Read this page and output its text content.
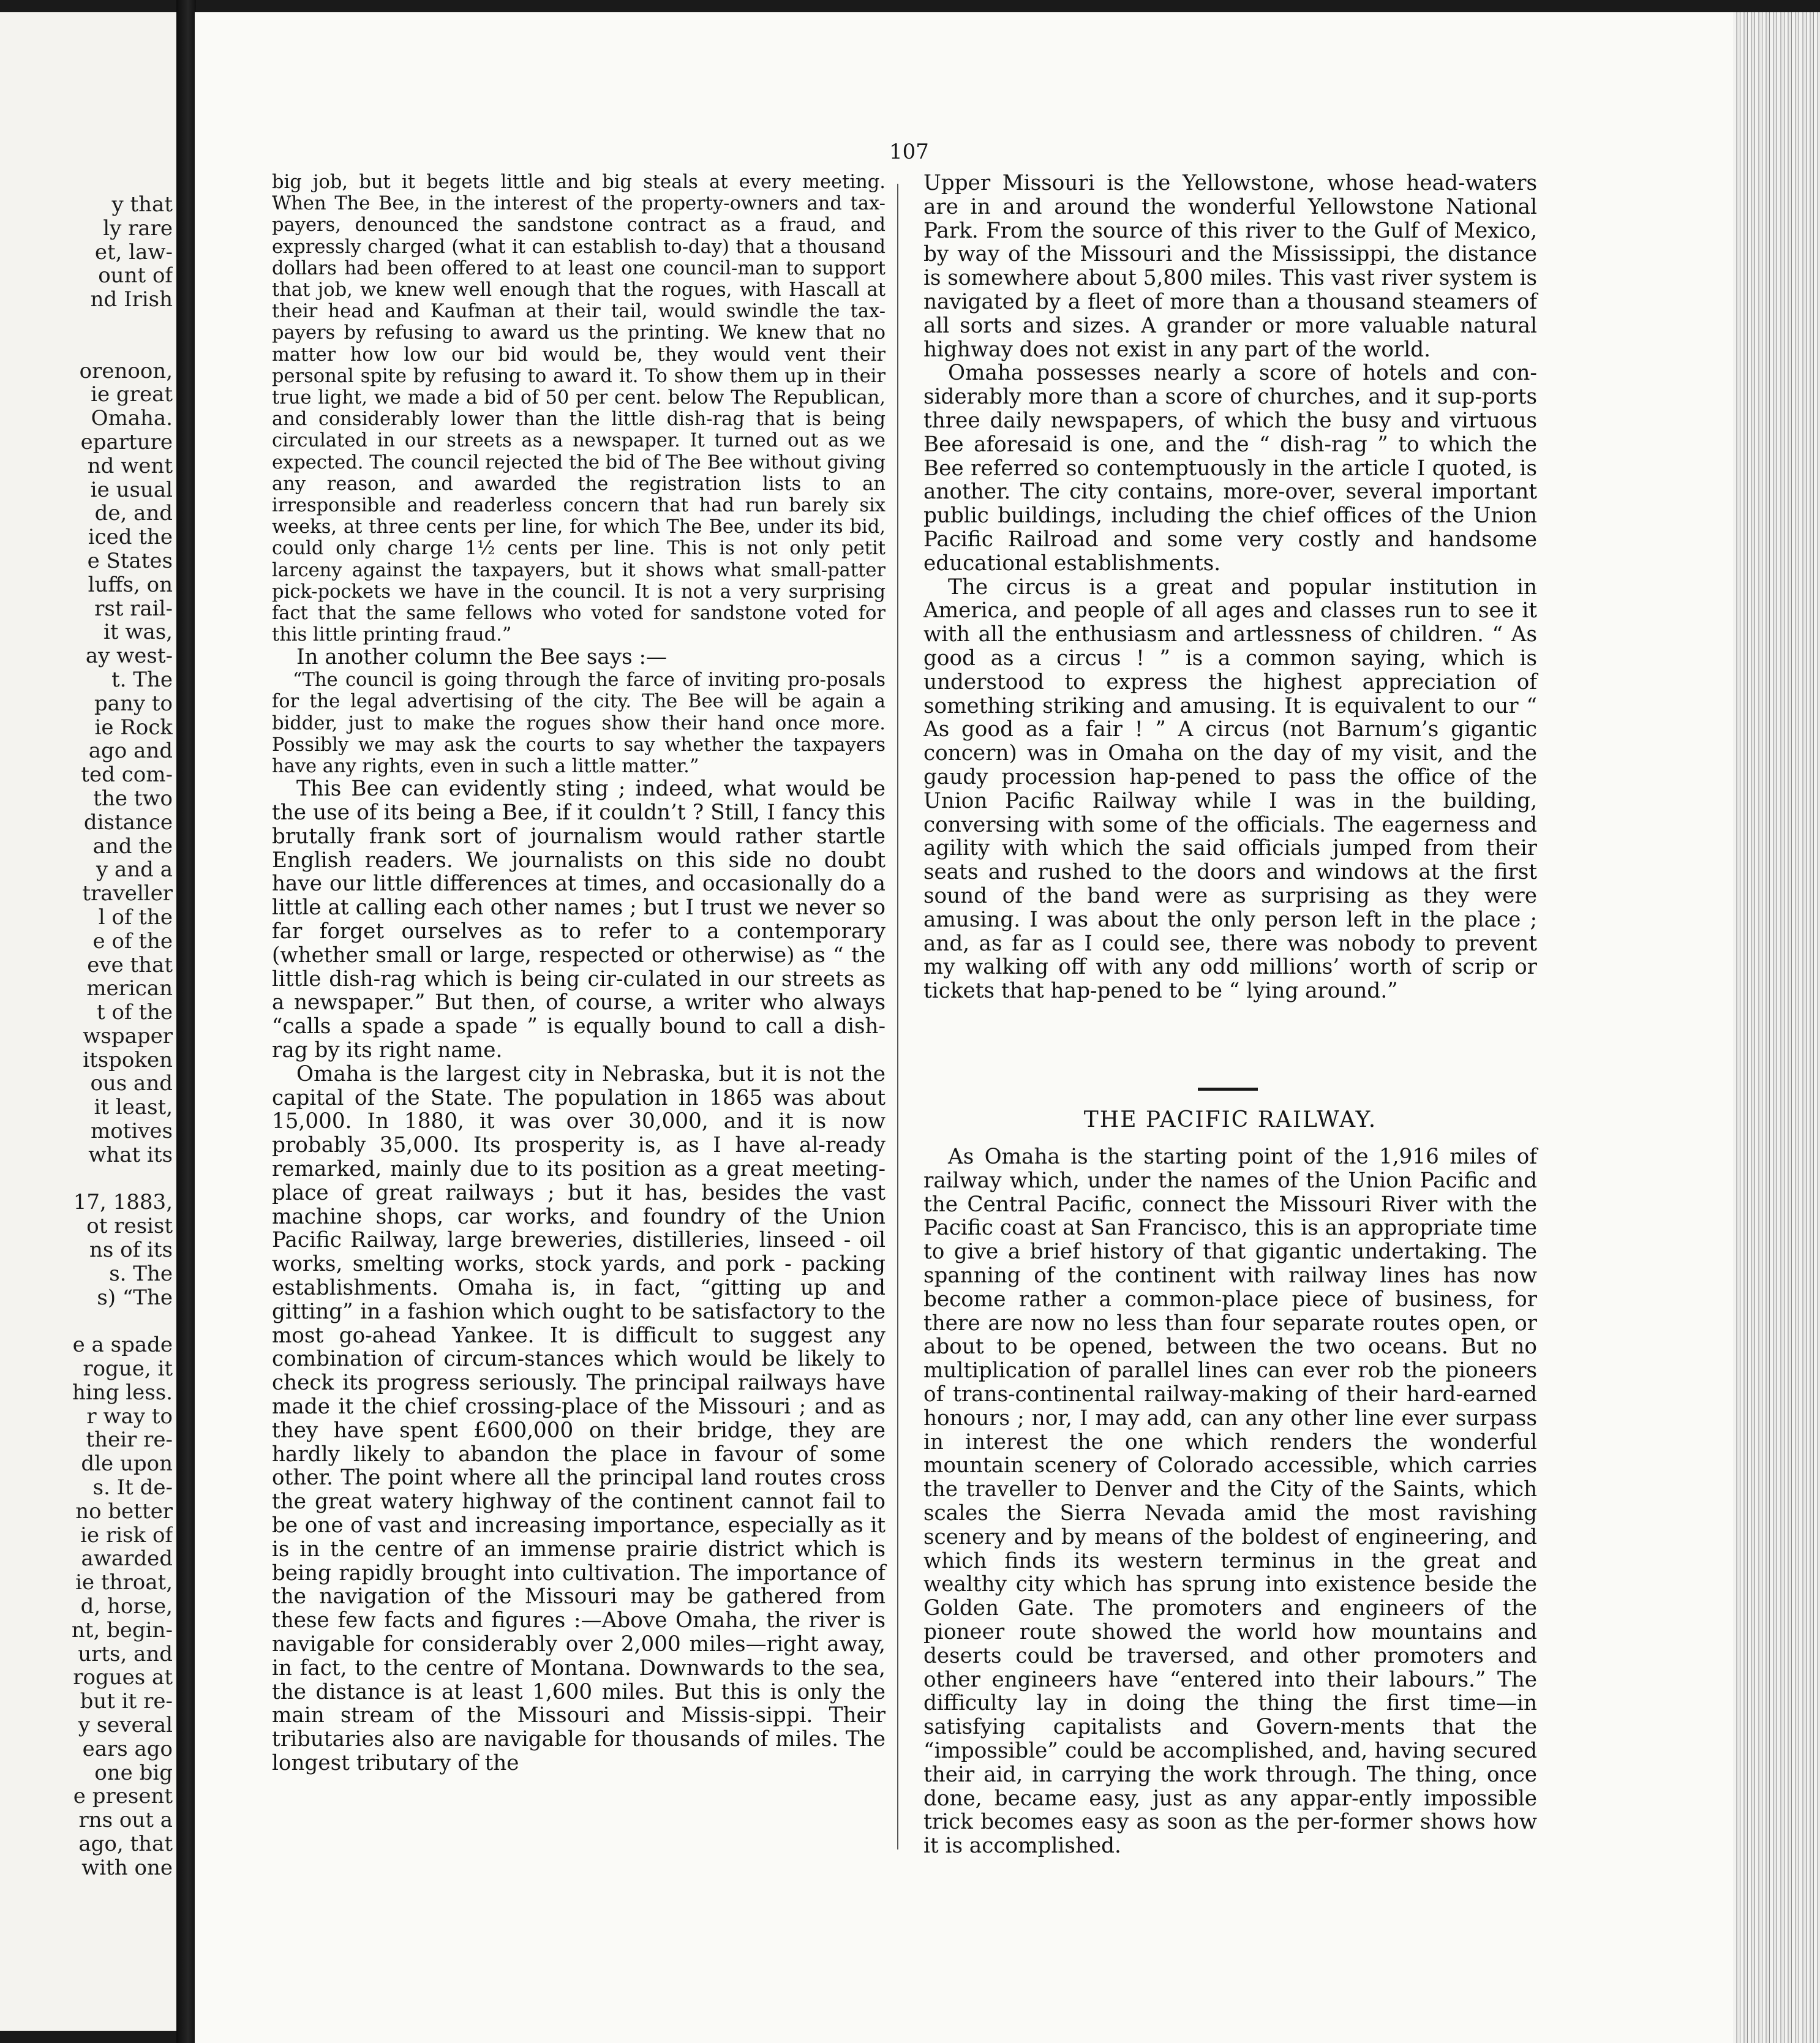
y that
ly rare
et, law-
ount of
nd Irish
orenoon,
ie great
Omaha.
eparture
nd went
ie usual
de, and
iced the
e States
luffs, on
rst rail-
it was,
ay west-
t. The
pany to
ie Rock
ago and
ted com-
the two
distance
and the
y and a
traveller
l of the
e of the
eve that
merican
t of the
wspaper
itspoken
ous and
it least,
motives
what its
17, 1883,
ot resist
ns of its
s. The
s) “The
e a spade
rogue, it
hing less.
r way to
their re-
dle upon
s. It de-
no better
ie risk of
awarded
ie throat,
d, horse,
nt, begin-
urts, and
rogues at
but it re-
y several
ears ago
one big
e present
rns out a
ago, that
with one
107

big job, but it begets little and big steals at every meeting. When The Bee, in the interest of the property-owners and tax-payers, denounced the sandstone contract as a fraud, and expressly charged (what it can establish to-day) that a thousand dollars had been offered to at least one council-man to support that job, we knew well enough that the rogues, with Hascall at their head and Kaufman at their tail, would swindle the tax-payers by refusing to award us the printing. We knew that no matter how low our bid would be, they would vent their personal spite by refusing to award it. To show them up in their true light, we made a bid of 50 per cent. below The Republican, and considerably lower than the little dish-rag that is being circulated in our streets as a newspaper. It turned out as we expected. The council rejected the bid of The Bee without giving any reason, and awarded the registration lists to an irresponsible and readerless concern that had run barely six weeks, at three cents per line, for which The Bee, under its bid, could only charge 1½ cents per line. This is not only petit larceny against the taxpayers, but it shows what small-patter pick-pockets we have in the council. It is not a very surprising fact that the same fellows who voted for sandstone voted for this little printing fraud.”

In another column the Bee says :—

“The council is going through the farce of inviting pro-posals for the legal advertising of the city. The Bee will be again a bidder, just to make the rogues show their hand once more. Possibly we may ask the courts to say whether the taxpayers have any rights, even in such a little matter.”

This Bee can evidently sting ; indeed, what would be the use of its being a Bee, if it couldn’t ? Still, I fancy this brutally frank sort of journalism would rather startle English readers. We journalists on this side no doubt have our little differences at times, and occasionally do a little at calling each other names ; but I trust we never so far forget ourselves as to refer to a contemporary (whether small or large, respected or otherwise) as “ the little dish-rag which is being cir-culated in our streets as a newspaper.” But then, of course, a writer who always “calls a spade a spade ” is equally bound to call a dish-rag by its right name.

Omaha is the largest city in Nebraska, but it is not the capital of the State. The population in 1865 was about 15,000. In 1880, it was over 30,000, and it is now probably 35,000. Its prosperity is, as I have al-ready remarked, mainly due to its position as a great meeting-place of great railways ; but it has, besides the vast machine shops, car works, and foundry of the Union Pacific Railway, large breweries, distilleries, linseed - oil works, smelting works, stock yards, and pork - packing establishments. Omaha is, in fact, “gitting up and gitting” in a fashion which ought to be satisfactory to the most go-ahead Yankee. It is difficult to suggest any combination of circum-stances which would be likely to check its progress seriously. The principal railways have made it the chief crossing-place of the Missouri ; and as they have spent £600,000 on their bridge, they are hardly likely to abandon the place in favour of some other. The point where all the principal land routes cross the great watery highway of the continent cannot fail to be one of vast and increasing importance, especially as it is in the centre of an immense prairie district which is being rapidly brought into cultivation. The importance of the navigation of the Missouri may be gathered from these few facts and figures :—Above Omaha, the river is navigable for considerably over 2,000 miles—right away, in fact, to the centre of Montana. Downwards to the sea, the distance is at least 1,600 miles. But this is only the main stream of the Missouri and Missis-sippi. Their tributaries also are navigable for thousands of miles. The longest tributary of the

Upper Missouri is the Yellowstone, whose head-waters are in and around the wonderful Yellowstone National Park. From the source of this river to the Gulf of Mexico, by way of the Missouri and the Mississippi, the distance is somewhere about 5,800 miles. This vast river system is navigated by a fleet of more than a thousand steamers of all sorts and sizes. A grander or more valuable natural highway does not exist in any part of the world.

Omaha possesses nearly a score of hotels and con-siderably more than a score of churches, and it sup-ports three daily newspapers, of which the busy and virtuous Bee aforesaid is one, and the “ dish-rag ” to which the Bee referred so contemptuously in the article I quoted, is another. The city contains, more-over, several important public buildings, including the chief offices of the Union Pacific Railroad and some very costly and handsome educational establishments.

The circus is a great and popular institution in America, and people of all ages and classes run to see it with all the enthusiasm and artlessness of children. “ As good as a circus ! ” is a common saying, which is understood to express the highest appreciation of something striking and amusing. It is equivalent to our “ As good as a fair ! ” A circus (not Barnum’s gigantic concern) was in Omaha on the day of my visit, and the gaudy procession hap-pened to pass the office of the Union Pacific Railway while I was in the building, conversing with some of the officials. The eagerness and agility with which the said officials jumped from their seats and rushed to the doors and windows at the first sound of the band were as surprising as they were amusing. I was about the only person left in the place ; and, as far as I could see, there was nobody to prevent my walking off with any odd millions’ worth of scrip or tickets that hap-pened to be “ lying around.”

THE PACIFIC RAILWAY.

As Omaha is the starting point of the 1,916 miles of railway which, under the names of the Union Pacific and the Central Pacific, connect the Missouri River with the Pacific coast at San Francisco, this is an appropriate time to give a brief history of that gigantic undertaking. The spanning of the continent with railway lines has now become rather a common-place piece of business, for there are now no less than four separate routes open, or about to be opened, between the two oceans. But no multiplication of parallel lines can ever rob the pioneers of trans-continental railway-making of their hard-earned honours ; nor, I may add, can any other line ever surpass in interest the one which renders the wonderful mountain scenery of Colorado accessible, which carries the traveller to Denver and the City of the Saints, which scales the Sierra Nevada amid the most ravishing scenery and by means of the boldest of engineering, and which finds its western terminus in the great and wealthy city which has sprung into existence beside the Golden Gate. The promoters and engineers of the pioneer route showed the world how mountains and deserts could be traversed, and other promoters and other engineers have “entered into their labours.” The difficulty lay in doing the thing the first time—in satisfying capitalists and Govern-ments that the “impossible” could be accomplished, and, having secured their aid, in carrying the work through. The thing, once done, became easy, just as any appar-ently impossible trick becomes easy as soon as the per-former shows how it is accomplished.
